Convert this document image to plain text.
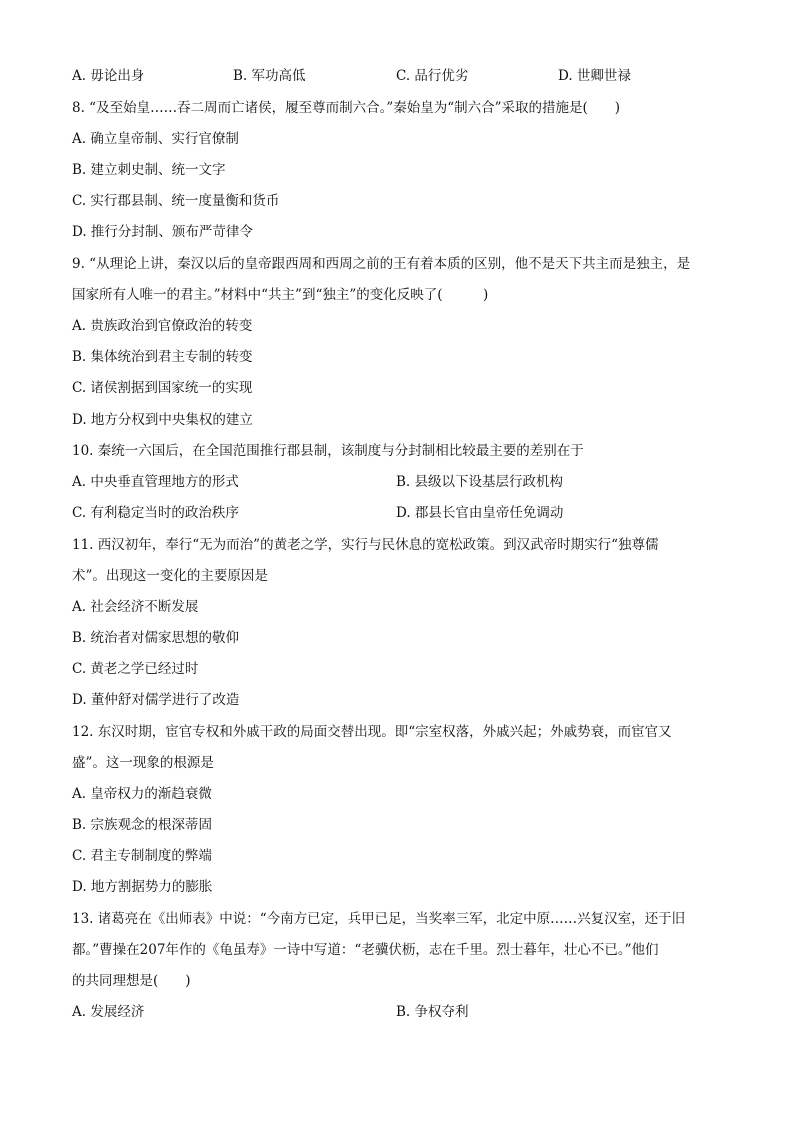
A. 毋论出身	B. 军功高低	C. 品行优劣	D. 世卿世禄
8. “及至始皇……吞二周而亡诸侯，履至尊而制六合。”秦始皇为“制六合”采取的措施是(　　)
A. 确立皇帝制、实行官僚制
B. 建立刺史制、统一文字
C. 实行郡县制、统一度量衡和货币
D. 推行分封制、颁布严苛律令
9. “从理论上讲，秦汉以后的皇帝跟西周和西周之前的王有着本质的区别，他不是天下共主而是独主，是
国家所有人唯一的君主。”材料中“共主”到“独主”的变化反映了(　　　)
A. 贵族政治到官僚政治的转变
B. 集体统治到君主专制的转变
C. 诸侯割据到国家统一的实现
D. 地方分权到中央集权的建立
10. 秦统一六国后，在全国范围推行郡县制，该制度与分封制相比较最主要的差别在于
A. 中央垂直管理地方的形式	B. 县级以下设基层行政机构
C. 有利稳定当时的政治秩序	D. 郡县长官由皇帝任免调动
11. 西汉初年，奉行“无为而治”的黄老之学，实行与民休息的宽松政策。到汉武帝时期实行“独尊儒
术”。出现这一变化的主要原因是
A. 社会经济不断发展
B. 统治者对儒家思想的敬仰
C. 黄老之学已经过时
D. 董仲舒对儒学进行了改造
12. 东汉时期，宦官专权和外戚干政的局面交替出现。即“宗室权落，外戚兴起；外戚势衰，而宦官又
盛”。这一现象的根源是
A. 皇帝权力的渐趋衰微
B. 宗族观念的根深蒂固
C. 君主专制制度的弊端
D. 地方割据势力的膨胀
13. 诸葛亮在《出师表》中说：“今南方已定，兵甲已足，当奖率三军，北定中原……兴复汉室，还于旧
都。”曹操在207年作的《龟虽寿》一诗中写道：“老骥伏枥，志在千里。烈士暮年，壮心不已。”他们
的共同理想是(　　)
A. 发展经济	B. 争权夺利
